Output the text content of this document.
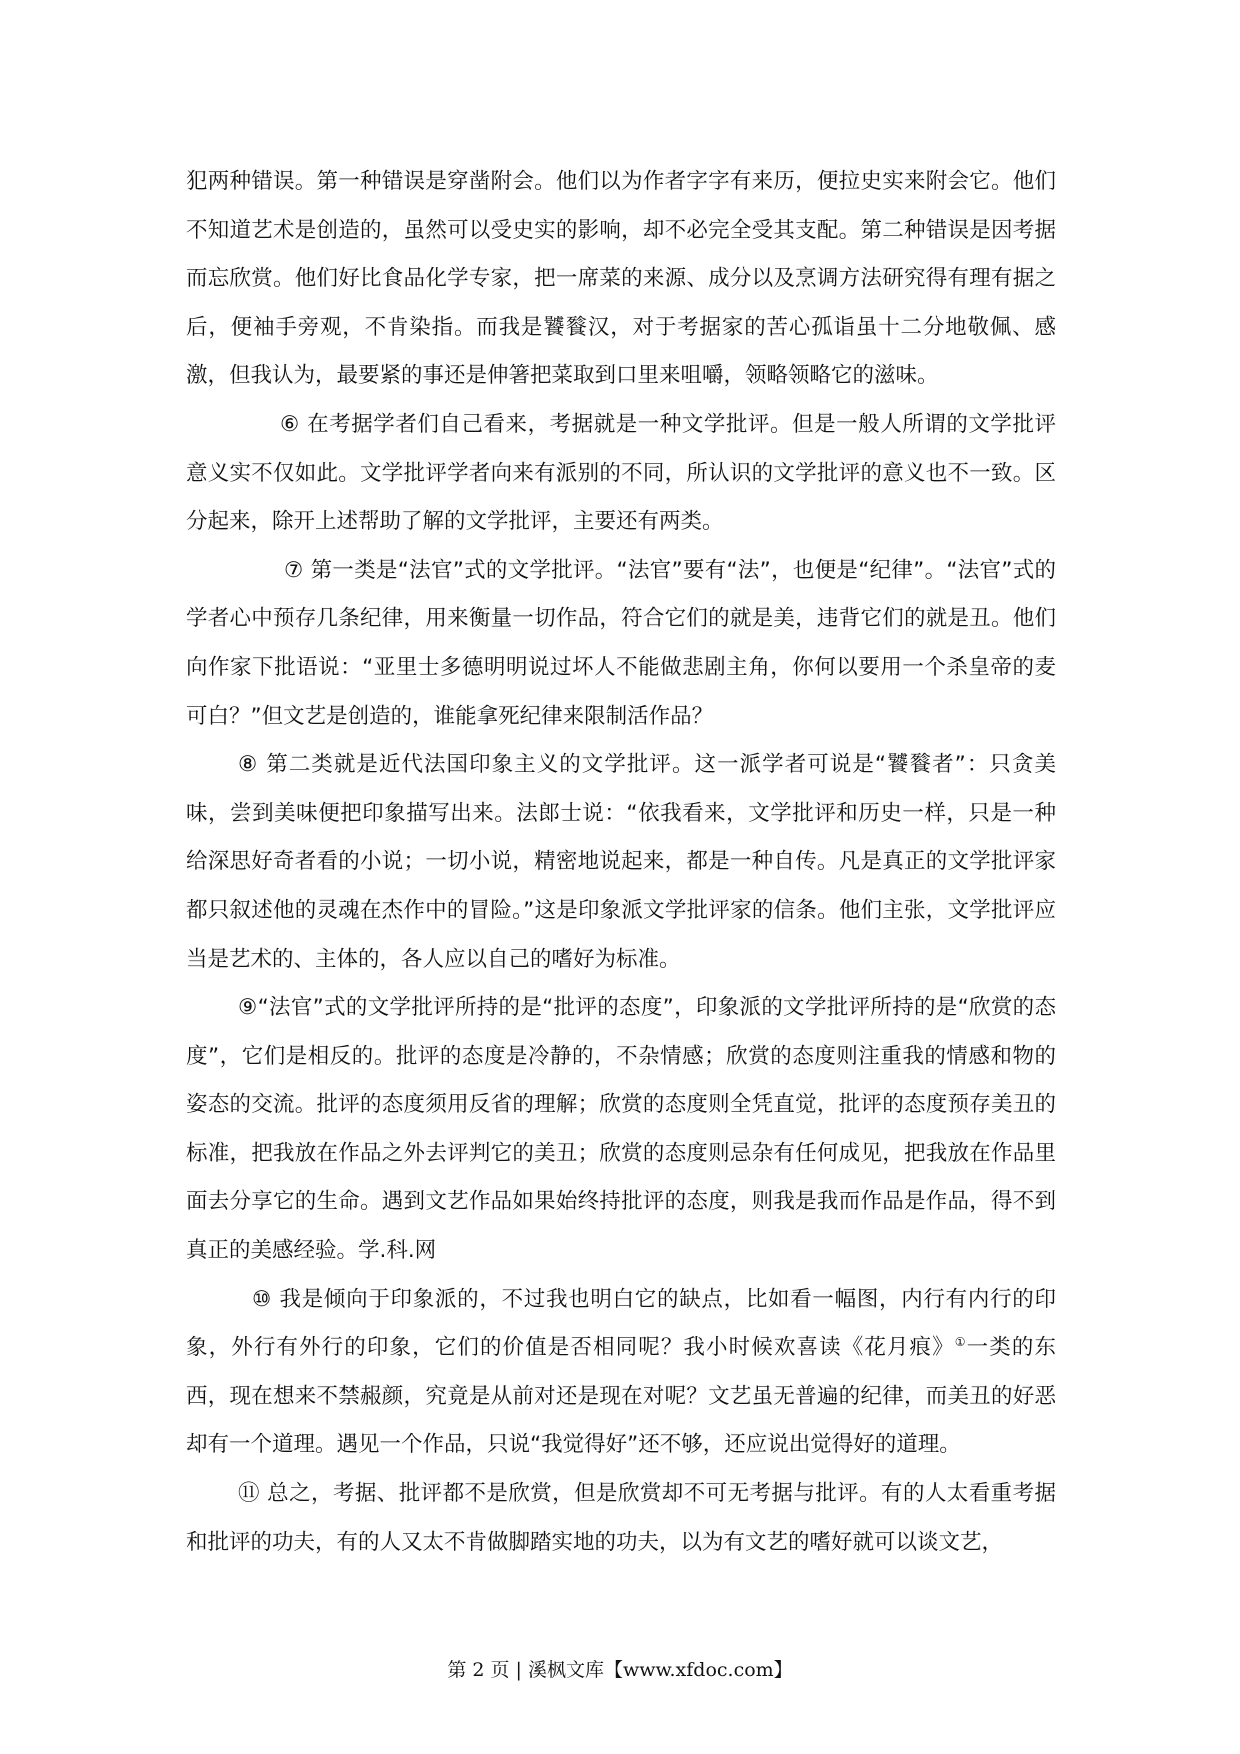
犯两种错误。第一种错误是穿凿附会。他们以为作者字字有来历，便拉史实来附会它。他们不知道艺术是创造的，虽然可以受史实的影响，却不必完全受其支配。第二种错误是因考据而忘欣赏。他们好比食品化学专家，把一席菜的来源、成分以及烹调方法研究得有理有据之后，便袖手旁观，不肯染指。而我是饕餮汉，对于考据家的苦心孤诣虽十二分地敬佩、感激，但我认为，最要紧的事还是伸箸把菜取到口里来咀嚼，领略领略它的滋味。

⑥ 在考据学者们自己看来，考据就是一种文学批评。但是一般人所谓的文学批评意义实不仅如此。文学批评学者向来有派别的不同，所认识的文学批评的意义也不一致。区分起来，除开上述帮助了解的文学批评，主要还有两类。

⑦ 第一类是“法官”式的文学批评。“法官”要有“法”，也便是“纪律”。“法官”式的学者心中预存几条纪律，用来衡量一切作品，符合它们的就是美，违背它们的就是丑。他们向作家下批语说：“亚里士多德明明说过坏人不能做悲剧主角，你何以要用一个杀皇帝的麦可白？”但文艺是创造的，谁能拿死纪律来限制活作品？

⑧ 第二类就是近代法国印象主义的文学批评。这一派学者可说是“饕餮者”：只贪美味，尝到美味便把印象描写出来。法郎士说：“依我看来，文学批评和历史一样，只是一种给深思好奇者看的小说；一切小说，精密地说起来，都是一种自传。凡是真正的文学批评家都只叙述他的灵魂在杰作中的冒险。”这是印象派文学批评家的信条。他们主张，文学批评应当是艺术的、主体的，各人应以自己的嗜好为标准。

⑨“法官”式的文学批评所持的是“批评的态度”，印象派的文学批评所持的是“欣赏的态度”，它们是相反的。批评的态度是冷静的，不杂情感；欣赏的态度则注重我的情感和物的姿态的交流。批评的态度须用反省的理解；欣赏的态度则全凭直觉，批评的态度预存美丑的标准，把我放在作品之外去评判它的美丑；欣赏的态度则忌杂有任何成见，把我放在作品里面去分享它的生命。遇到文艺作品如果始终持批评的态度，则我是我而作品是作品，得不到真正的美感经验。学.科.网

⑩ 我是倾向于印象派的，不过我也明白它的缺点，比如看一幅图，内行有内行的印象，外行有外行的印象，它们的价值是否相同呢？我小时候欢喜读《花月痕》①一类的东西，现在想来不禁赧颜，究竟是从前对还是现在对呢？文艺虽无普遍的纪律，而美丑的好恶却有一个道理。遇见一个作品，只说“我觉得好”还不够，还应说出觉得好的道理。

⑪ 总之，考据、批评都不是欣赏，但是欣赏却不可无考据与批评。有的人太看重考据和批评的功夫，有的人又太不肯做脚踏实地的功夫，以为有文艺的嗜好就可以谈文艺，

第 2 页 | 溪枫文库【www.xfdoc.com】
